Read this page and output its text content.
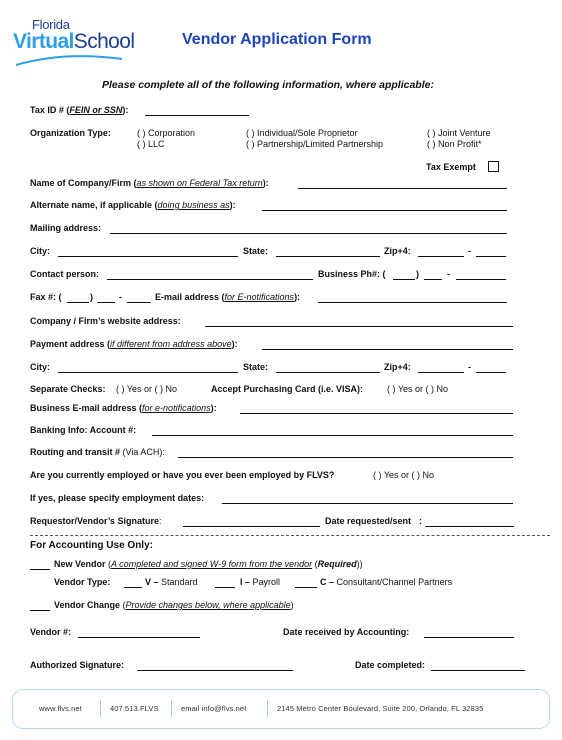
Florida
VirtualSchool	Vendor Application Form
Please complete all of the following information, where applicable:
Tax ID # (FEIN or SSN):
Organization Type:	( ) Corporation
( ) LLC
( ) Individual/Sole Proprietor
( ) Partnership/Limited Partnership
( ) Joint Venture
( ) Non Profit*
Tax Exempt
Name of Company/Firm (as shown on Federal Tax return):
Alternate name, if applicable (doing business as):
Mailing address:
City:	State:	Zip+4:	-
Contact person:	Business Ph#: (	)	-
Fax #: (	)	-	E-mail address (for E-notifications):
Company / Firm’s website address:
Payment address (if different from address above):
City:	State:	Zip+4:	-
Separate Checks: ( ) Yes or ( ) No	Accept Purchasing Card (i.e. VISA):	( ) Yes or ( ) No
Business E-mail address (for e-notifications):
Banking Info: Account #:
Routing and transit # (Via ACH):
Are you currently employed or have you ever been employed by FLVS?	( ) Yes or ( ) No
If yes, please specify employment dates:
Requestor/Vendor’s Signature:	Date requested/sent :
For Accounting Use Only:
New Vendor (A completed and signed W-9 form from the vendor (Required))
Vendor Type:	V – Standard	I – Payroll	C – Consultant/Channel Partners
Vendor Change (Provide changes below, where applicable)
Vendor #:	Date received by Accounting:
Authorized Signature:	Date completed:
www.flvs.net	407.513.FLVS	email info@flvs.net	2145 Metro Center Boulevard, Suite 200, Orlando, FL 32835
